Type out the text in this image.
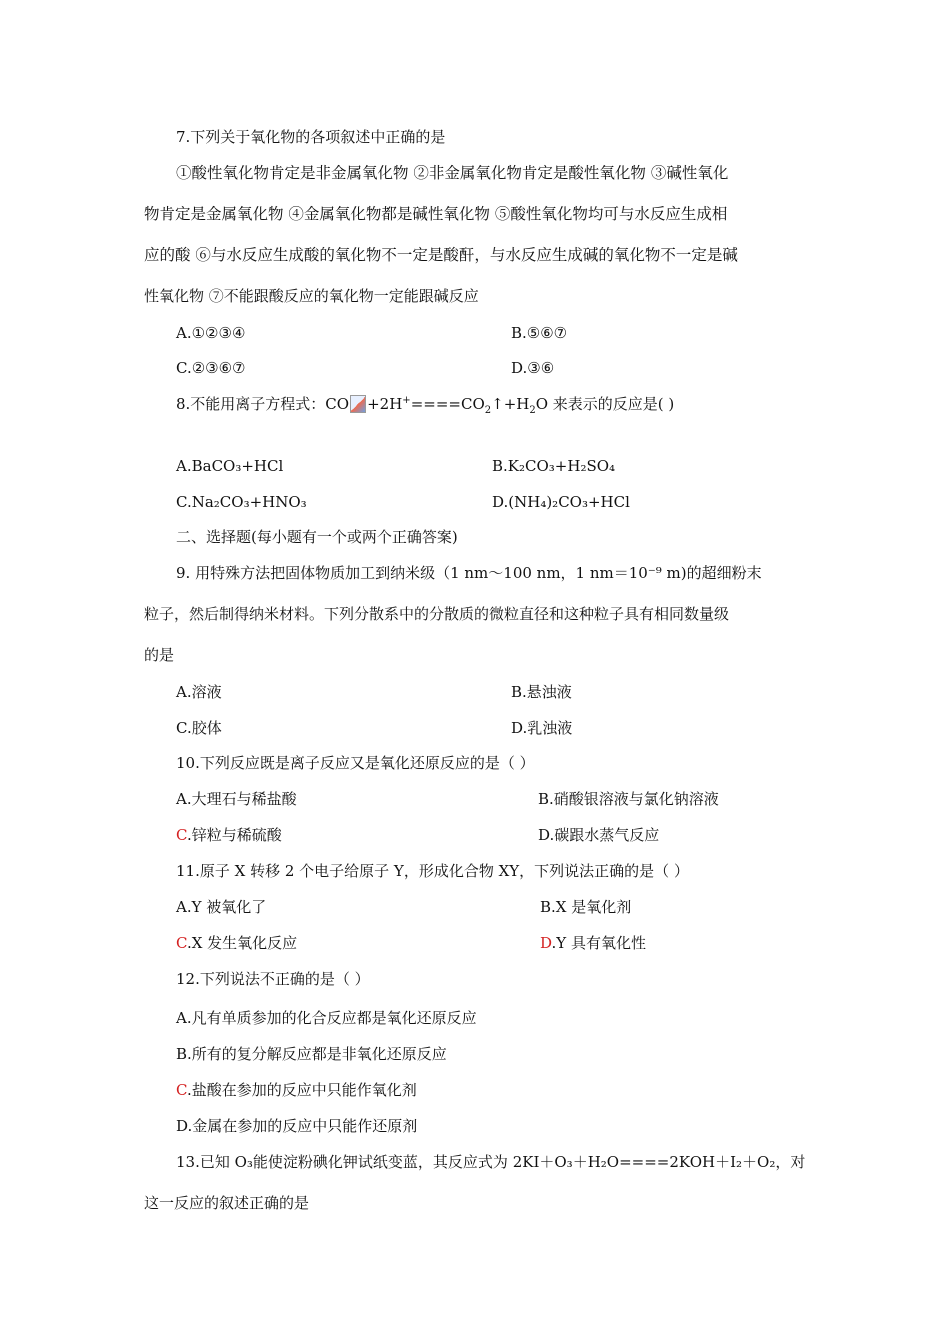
7.下列关于氧化物的各项叙述中正确的是
①酸性氧化物肯定是非金属氧化物 ②非金属氧化物肯定是酸性氧化物 ③碱性氧化
物肯定是金属氧化物 ④金属氧化物都是碱性氧化物 ⑤酸性氧化物均可与水反应生成相
应的酸 ⑥与水反应生成酸的氧化物不一定是酸酐，与水反应生成碱的氧化物不一定是碱
性氧化物 ⑦不能跟酸反应的氧化物一定能跟碱反应
A.①②③④	B.⑤⑥⑦
C.②③⑥⑦	D.③⑥
8.不能用离子方程式：CO $+2H^+====CO_2↑+H_2O$ 来表示的反应是( )
A.BaCO₃+HCl	B.K₂CO₃+H₂SO₄
C.Na₂CO₃+HNO₃	D.(NH₄)₂CO₃+HCl
二、选择题(每小题有一个或两个正确答案)
9. 用特殊方法把固体物质加工到纳米级（1 nm～100 nm，1 nm＝10⁻⁹ m)的超细粉末
粒子，然后制得纳米材料。下列分散系中的分散质的微粒直径和这种粒子具有相同数量级
的是
A.溶液	B.悬浊液
C.胶体	D.乳浊液
10.下列反应既是离子反应又是氧化还原反应的是（ ）
A.大理石与稀盐酸	B.硝酸银溶液与氯化钠溶液
C.锌粒与稀硫酸	D.碳跟水蒸气反应
11.原子 X 转移 2 个电子给原子 Y，形成化合物 XY，下列说法正确的是（ ）
A.Y 被氧化了	B.X 是氧化剂
C.X 发生氧化反应	D.Y 具有氧化性
12.下列说法不正确的是（ ）
A.凡有单质参加的化合反应都是氧化还原反应
B.所有的复分解反应都是非氧化还原反应
C.盐酸在参加的反应中只能作氧化剂
D.金属在参加的反应中只能作还原剂
13.已知 O₃能使淀粉碘化钾试纸变蓝，其反应式为 2KI＋O₃＋H₂O====2KOH＋I₂＋O₂，对
这一反应的叙述正确的是
